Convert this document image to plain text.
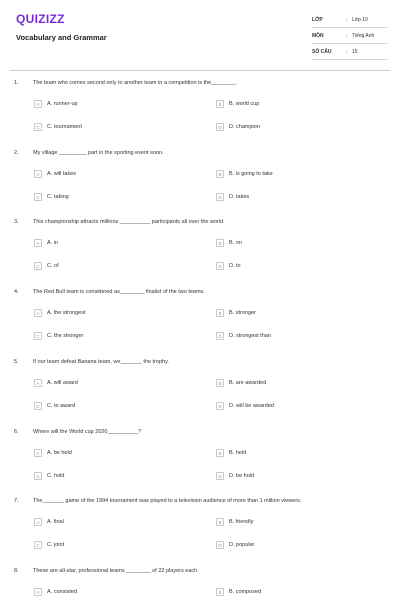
QUIZIZZ
Vocabulary and Grammar
LỚP	: Lớp 10
MÔN	: Tiếng Anh
SỐ CÂU	: 15
1.	The team who comes second only to another team in a competition is the________.
A	A. runner-up	B	B. world cup
C	C. tournament	D	D. champion
2.	My village _________ part in the sporting event soon.
A	A. will takes	B	B. is going to take
C	C. taking	D	D. takes
3.	This championship attracts millions __________ participants all over the world.
A	A. in	B	B. on
C	C. of	D	D. to
4.	The Red Bull team is considered as________ finalist of the two teams.
A	A. the strongest	B	B. stronger
C	C. the stronger	D	D. strongest than
5.	If our team defeat Banana team, we_______ the trophy.
A	A. will award	B	B. are awarded
C	C. to award	D	D. will be awarded
6.	Where will the World cup 2020__________?
A	A. be held	B	B. held
C	C. hold	D	D. be hold
7.	The_______ game of the 1994 tournament was played to a television audience of more than 1 million viewers.
A	A. final	B	B. friendly
C	C. joint	D	D. popular
8.	These are all-star, professional teams ________ of 22 players each.
A	A. consisted	B	B. composed
